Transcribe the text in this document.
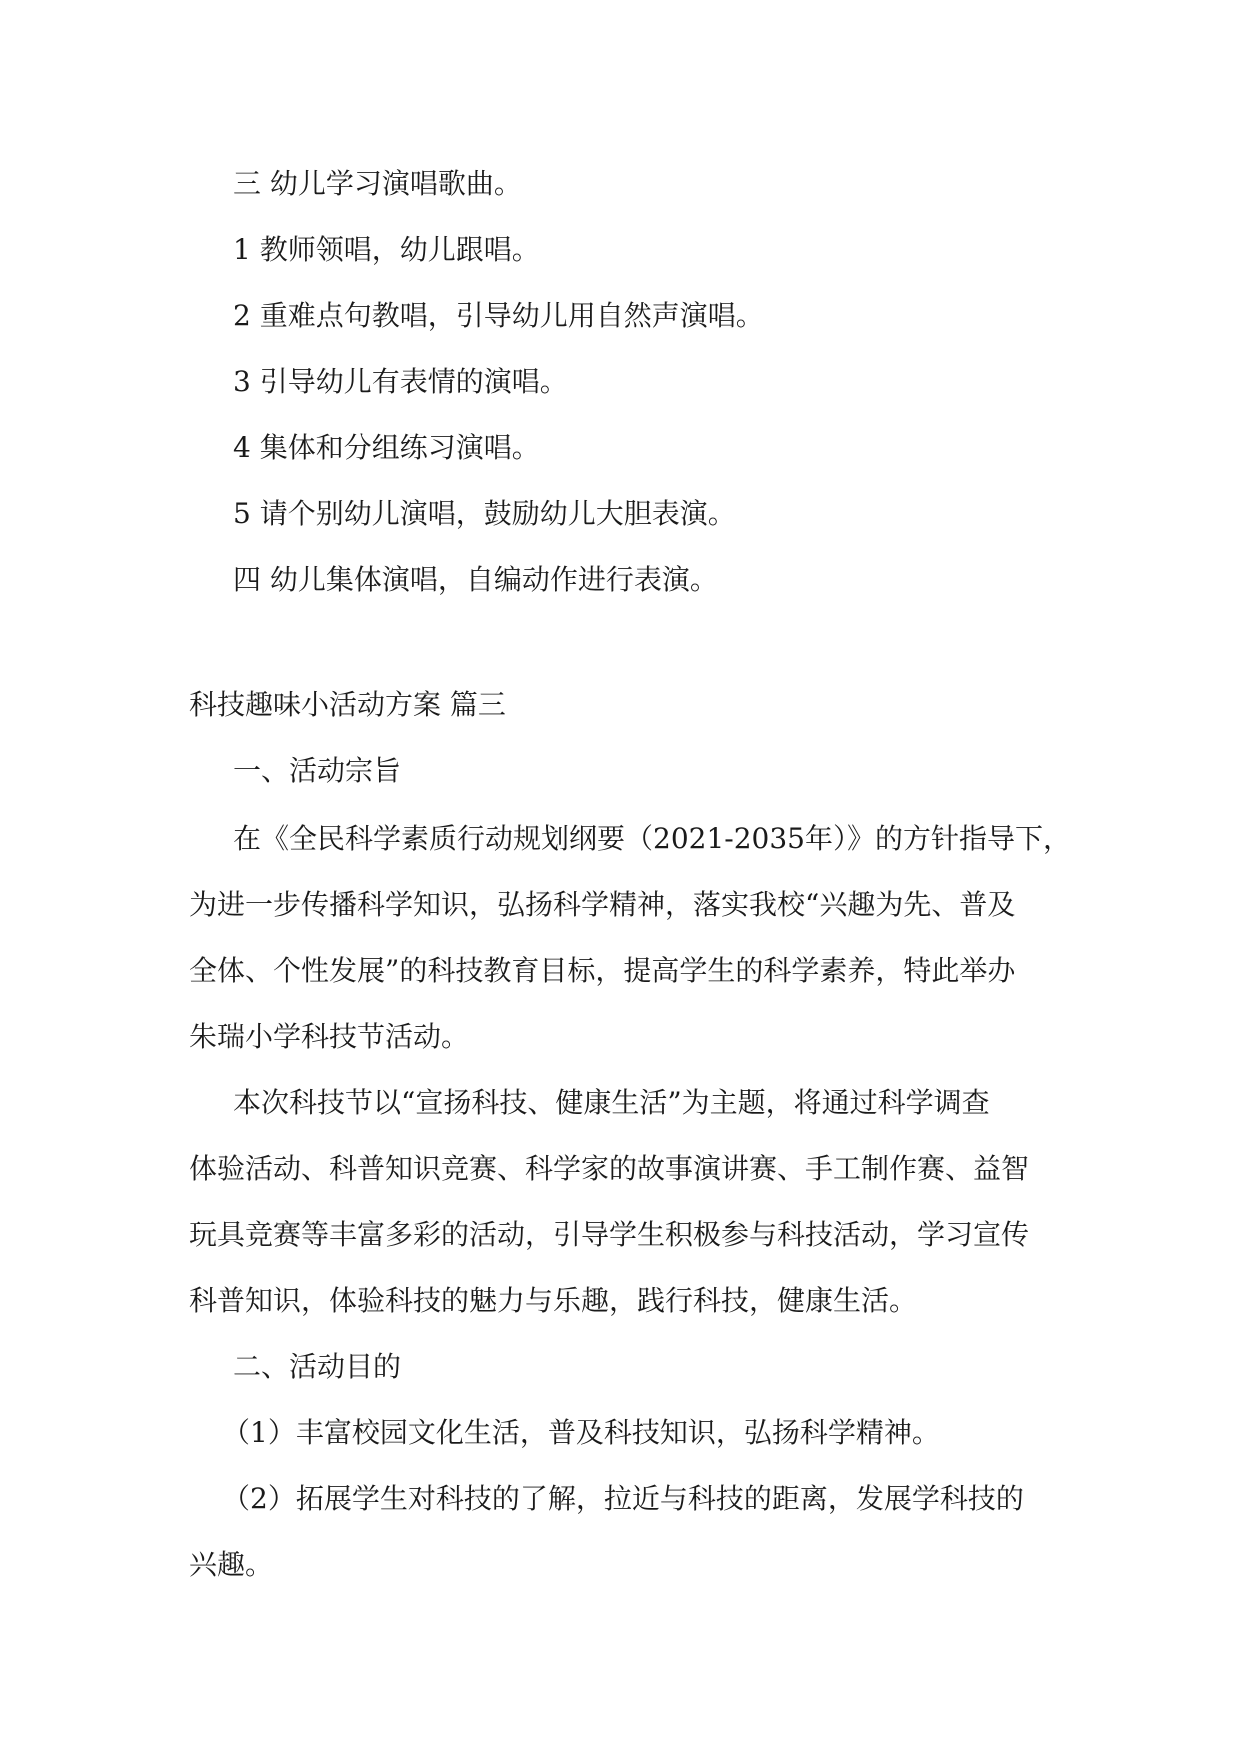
三 幼儿学习演唱歌曲。
1 教师领唱，幼儿跟唱。
2 重难点句教唱，引导幼儿用自然声演唱。
3 引导幼儿有表情的演唱。
4 集体和分组练习演唱。
5 请个别幼儿演唱，鼓励幼儿大胆表演。
四 幼儿集体演唱，自编动作进行表演。
科技趣味小活动方案 篇三
一、活动宗旨
在《全民科学素质行动规划纲要（2021-2035年）》的方针指导下，
为进一步传播科学知识，弘扬科学精神，落实我校“兴趣为先、普及
全体、个性发展”的科技教育目标，提高学生的科学素养，特此举办
朱瑞小学科技节活动。
本次科技节以“宣扬科技、健康生活”为主题，将通过科学调查
体验活动、科普知识竞赛、科学家的故事演讲赛、手工制作赛、益智
玩具竞赛等丰富多彩的活动，引导学生积极参与科技活动，学习宣传
科普知识，体验科技的魅力与乐趣，践行科技，健康生活。
二、活动目的
（1）丰富校园文化生活，普及科技知识，弘扬科学精神。
（2）拓展学生对科技的了解，拉近与科技的距离，发展学科技的
兴趣。
